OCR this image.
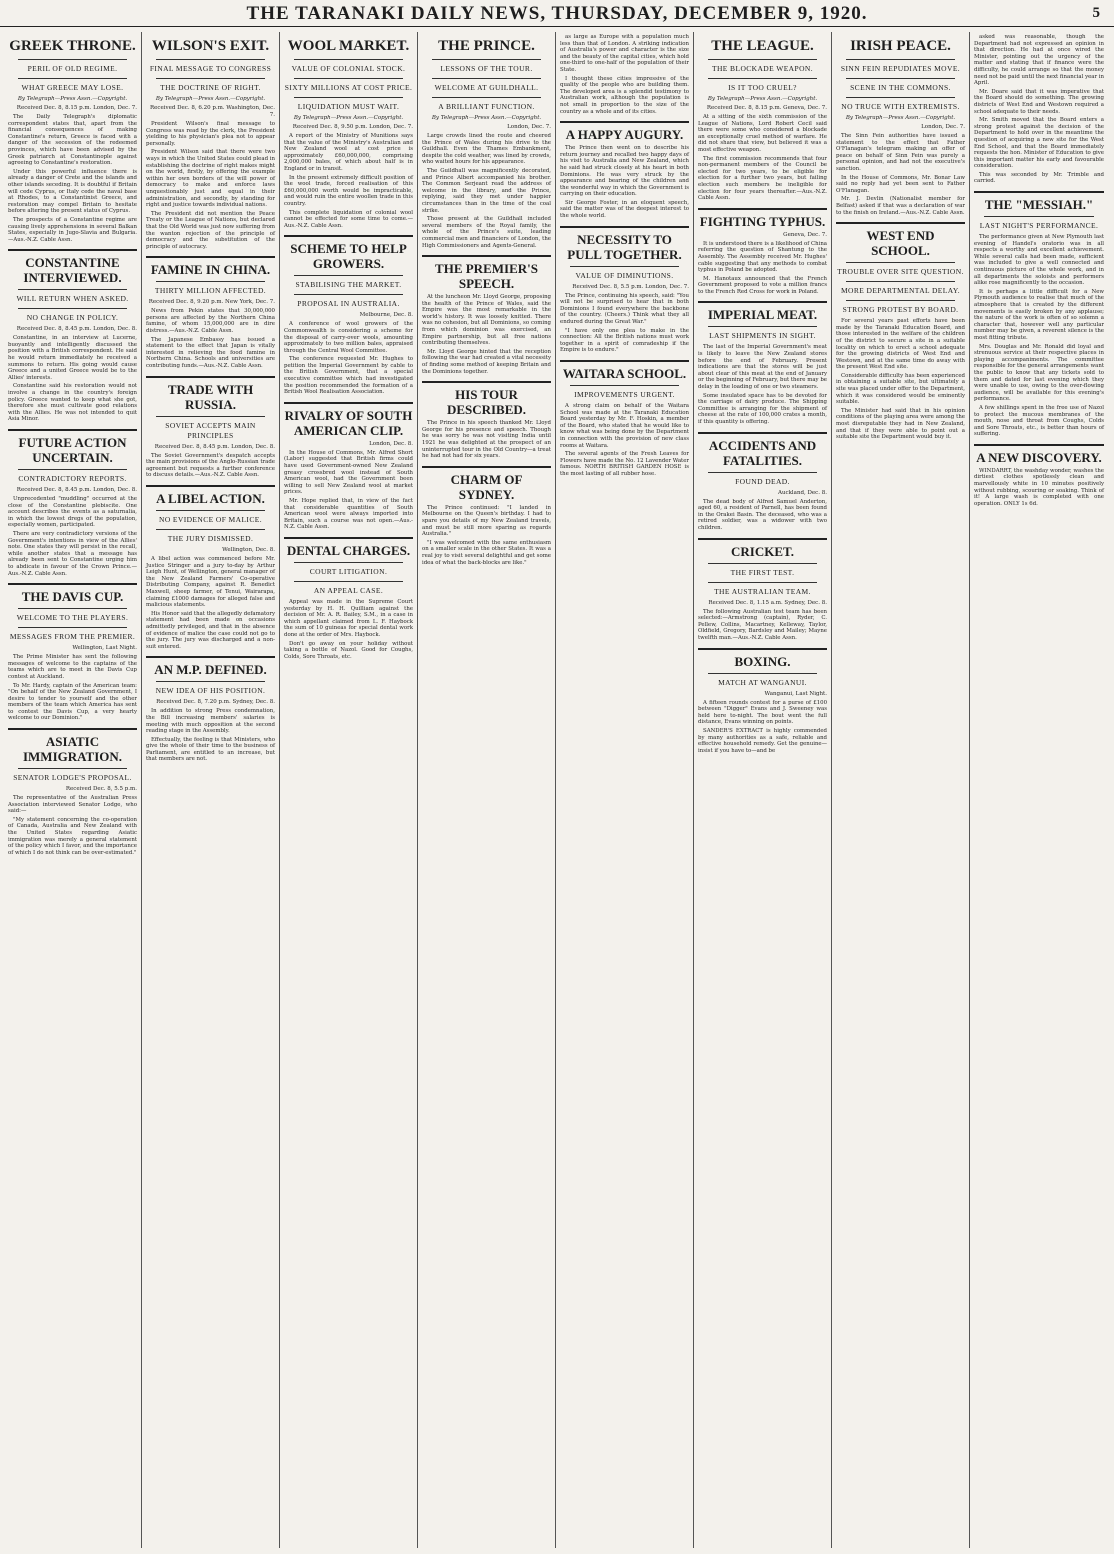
THE TARANAKI DAILY NEWS, THURSDAY, DECEMBER 9, 1920.	5
GREEK THRONE.
PERIL OF OLD REGIME.
WHAT GREECE MAY LOSE.
By Telegraph—Press Assn.—Copyright.
Received Dec. 8, 8.15 p.m. London, Dec. 7.

The Daily Telegraph's diplomatic correspondent states that, apart from the financial consequences of making Constantine's return, Greece is faced with a danger of the secession of the redeemed provinces, which have been advised by the Greek patriarch at Constantinople against agreeing to Constantine's restoration.

Under this powerful influence there is already a danger of Crete and the islands and other islands seceding. It is doubtful if Britain will cede Cyprus, or Italy cede the naval base at Rhodes, to a Constantinist Greece, and restoration may compel Britain to hesitate before altering the present status of Cyprus.

The prospects of a Constantine regime are causing lively apprehensions in several Balkan States, especially in Jugo-Slavia and Bulgaria.—Aus.-N.Z. Cable Assn.

CONSTANTINE INTERVIEWED.
WILL RETURN WHEN ASKED.
NO CHANGE IN POLICY.
Received Dec. 8, 8.45 p.m. London, Dec. 8.

Constantine, in an interview at Lucerne, buoyantly and intelligently discussed the position with a British correspondent. He said he would return immediately he received a summons to return. His going would cause Greece and a united Greece would be to the Allies' interests.

Constantine said his restoration would not involve a change in the country's foreign policy. Greece wanted to keep what she got, therefore she must cultivate good relations with the Allies. He was not intended to quit Asia Minor.

FUTURE ACTION UNCERTAIN.
CONTRADICTORY REPORTS.
Received Dec. 8, 8.45 p.m. London, Dec. 8.

Unprecedented "muddling" occurred at the close of the Constantine plebiscite. One account describes the events as a saturnalia, in which the lowest dregs of the population, especially women, participated.

There are very contradictory versions of the Government's intentions in view of the Allies' note. One states they will persist in the recall, while another states that a message has already been sent to Constantine urging him to abdicate in favour of the Crown Prince.—Aus.-N.Z. Cable Assn.

THE DAVIS CUP.
WELCOME TO THE PLAYERS.
MESSAGES FROM THE PREMIER.
Wellington, Last Night.

The Prime Minister has sent the following messages of welcome to the captains of the teams which are to meet in the Davis Cup contest at Auckland.

To Mr. Hardy, captain of the American team: "On behalf of the New Zealand Government, I desire to tender to yourself and the other members of the team which America has sent to contest the Davis Cup, a very hearty welcome to our Dominion."

ASIATIC IMMIGRATION.
SENATOR LODGE'S PROPOSAL.
Received Dec. 8, 5.5 p.m.

The representative of the Australian Press Association interviewed Senator Lodge, who said:—

"My statement concerning the co-operation of Canada, Australia and New Zealand with the United States regarding Asiatic immigration was merely a general statement of the policy which I favor, and the importance of which I do not think can be over-estimated."

WILSON'S EXIT.
FINAL MESSAGE TO CONGRESS
THE DOCTRINE OF RIGHT.
By Telegraph—Press Assn.—Copyright.
Received Dec. 8, 6.20 p.m. Washington, Dec. 7.

President Wilson's final message to Congress was read by the clerk, the President yielding to his physician's plea not to appear personally.

President Wilson said that there were two ways in which the United States could plead in establishing the doctrine of right makes might on the world, firstly, by offering the example within her own borders of the will power of democracy to make and enforce laws unquestionably just and equal in their administration, and secondly, by standing for right and justice towards individual nations.

The President did not mention the Peace Treaty or the League of Nations, but declared that the Old World was just now suffering from the wanton rejection of the principle of democracy and the substitution of the principle of autocracy.

FAMINE IN CHINA.
THIRTY MILLION AFFECTED.
Received Dec. 8, 9.20 p.m. New York, Dec. 7.

News from Pekin states that 30,000,000 persons are affected by the Northern China famine, of whom 15,000,000 are in dire distress.—Aus.-N.Z. Cable Assn.

The Japanese Embassy has issued a statement to the effect that Japan is vitally interested in relieving the food famine in Northern China. Schools and universities are contributing funds.—Aus.-N.Z. Cable Assn.

TRADE WITH RUSSIA.
SOVIET ACCEPTS MAIN PRINCIPLES
Received Dec. 8, 8.45 p.m. London, Dec. 8.

The Soviet Government's despatch accepts the main provisions of the Anglo-Russian trade agreement but requests a further conference to discuss details.—Aus.-N.Z. Cable Assn.

A LIBEL ACTION.
NO EVIDENCE OF MALICE.
THE JURY DISMISSED.
Wellington, Dec. 8.

A libel action was commenced before Mr. Justice Stringer and a jury to-day by Arthur Leigh Hunt, of Wellington, general manager of the New Zealand Farmers' Co-operative Distributing Company, against R. Benedict Maxwell, sheep farmer, of Tenui, Wairarapa, claiming £1000 damages for alleged false and malicious statements.

His Honor said that the allegedly defamatory statement had been made on occasions admittedly privileged, and that in the absence of evidence of malice the case could not go to the jury. The jury was discharged and a non-suit entered.

AN M.P. DEFINED.
NEW IDEA OF HIS POSITION.
Received Dec. 8, 7.20 p.m. Sydney, Dec. 8.

In addition to strong Press condemnation, the Bill increasing members' salaries is meeting with much opposition at the second reading stage in the Assembly.

Effectually, the feeling is that Ministers, who give the whole of their time to the business of Parliament, are entitled to an increase, but that members are not.

WOOL MARKET.
VALUE OF COLONIAL STOCK.
SIXTY MILLIONS AT COST PRICE.
LIQUIDATION MUST WAIT.
By Telegraph—Press Assn.—Copyright.
Received Dec. 8, 9.50 p.m. London, Dec. 7.

A report of the Ministry of Munitions says that the value of the Ministry's Australian and New Zealand wool at cost price is approximately £60,000,000, comprising 2,000,000 bales, of which about half is in England or in transit.

In the present extremely difficult position of the wool trade, forced realisation of this £60,000,000 worth would be impracticable, and would ruin the entire woollen trade in this country.

This complete liquidation of colonial wool cannot be effected for some time to come.—Aus.-N.Z. Cable Assn.

SCHEME TO HELP GROWERS.
STABILISING THE MARKET.
PROPOSAL IN AUSTRALIA.
Melbourne, Dec. 8.

A conference of wool growers of the Commonwealth is considering a scheme for the disposal of carry-over wools, amounting approximately to two million bales, appraised through the Central Wool Committee.

The conference requested Mr. Hughes to petition the Imperial Government by cable to the British Government, that a special executive committee which had investigated the position recommended the formation of a British Wool Realisation Association.

RIVALRY OF SOUTH AMERICAN CLIP.
London, Dec. 8.

In the House of Commons, Mr. Alfred Short (Labor) suggested that British firms could have used Government-owned New Zealand greasy crossbred wool instead of South American wool, had the Government been willing to sell New Zealand wool at market prices.

Mr. Hope replied that, in view of the fact that considerable quantities of South American wool were always imported into Britain, such a course was not open.—Aus.-N.Z. Cable Assn.

DENTAL CHARGES.
COURT LITIGATION.
AN APPEAL CASE.

Appeal was made in the Supreme Court yesterday by H. H. Quilliam against the decision of Mr. A. R. Bailey, S.M., in a case in which appellant claimed from L. F. Haybock the sum of 10 guineas for special dental work done at the order of Mrs. Haybock.

Don't go away on your holiday without taking a bottle of Nazol. Good for Coughs, Colds, Sore Throats, etc.

THE PRINCE.
LESSONS OF THE TOUR.
WELCOME AT GUILDHALL.
A BRILLIANT FUNCTION.
By Telegraph—Press Assn.—Copyright.
London, Dec. 7.

Large crowds lined the route and cheered the Prince of Wales during his drive to the Guildhall. Even the Thames Embankment, despite the cold weather, was lined by crowds, who waited hours for his appearance.

The Guildhall was magnificently decorated, and Prince Albert accompanied his brother. The Common Serjeant read the address of welcome in the library, and the Prince, replying, said they met under happier circumstances than in the time of the coal strike.

Those present at the Guildhall included several members of the Royal family, the whole of the Prince's suite, leading commercial men and financiers of London, the High Commissioners and Agents-General.

THE PREMIER'S SPEECH.

At the luncheon Mr. Lloyd George, proposing the health of the Prince of Wales, said the Empire was the most remarkable in the world's history. It was loosely knitted. There was no cohesion, but all Dominions, so coming from which dominion was exercised, an Empire partnership, but all free nations contributing themselves.

Mr. Lloyd George hinted that the reception following the war had created a vital necessity of finding some method of keeping Britain and the Dominions together.

HIS TOUR DESCRIBED.

The Prince in his speech thanked Mr. Lloyd George for his presence and speech. Though he was sorry he was not visiting India until 1921 he was delighted at the prospect of an uninterrupted tour in the Old Country—a treat he had not had for six years.

CHARM OF SYDNEY.

The Prince continued: "I landed in Melbourne on the Queen's birthday. I had to spare you details of my New Zealand travels, and must be still more sparing as regards Australia."

"I was welcomed with the same enthusiasm on a smaller scale in the other States. It was a real joy to visit several delightful and get some idea of what the back-blocks are like."

as large as Europe with a population much less than that of London. A striking indication of Australia's power and character is the size and the beauty of the capital cities, which hold one-third to one-half of the population of their State.

I thought these cities impressive of the quality of the people who are building them. The developed area is a splendid testimony to Australian work, although the population is not small in proportion to the size of the country as a whole and of its cities.

A HAPPY AUGURY.

The Prince then went on to describe his return journey and recalled two happy days of his visit to Australia and New Zealand, which he said had struck closely at his heart in both Dominions. He was very struck by the appearance and bearing of the children and the wonderful way in which the Government is carrying on their education.

Sir George Foster, in an eloquent speech, said the matter was of the deepest interest to the whole world.

NECESSITY TO PULL TOGETHER.
VALUE OF DIMINUTIONS.
Received Dec. 8, 5.5 p.m. London, Dec. 7.

The Prince, continuing his speech, said: "You will not be surprised to hear that in both Dominions I found everywhere the backbone of the country. (Cheers.) Think what they all endured during the Great War."

"I have only one plea to make in the connection: All the British nations must work together in a spirit of comradeship if the Empire is to endure."

WAITARA SCHOOL.
IMPROVEMENTS URGENT.

A strong claim on behalf of the Waitara School was made at the Taranaki Education Board yesterday by Mr. F. Hoskin, a member of the Board, who stated that he would like to know what was being done by the Department in connection with the provision of new class rooms at Waitara.

The several agents of the Fresh Leaves for Flowers have made the No. 12 Lavender Water famous. NORTH BRITISH GARDEN HOSE is the most lasting of all rubber hose.

THE LEAGUE.
THE BLOCKADE WEAPON.
IS IT TOO CRUEL?
By Telegraph—Press Assn.—Copyright.
Received Dec. 8, 8.15 p.m. Geneva, Dec. 7.

At a sitting of the sixth commission of the League of Nations, Lord Robert Cecil said there were some who considered a blockade an exceptionally cruel method of warfare. He did not share that view, but believed it was a most effective weapon.

The first commission recommends that four non-permanent members of the Council be elected for two years, to be eligible for election for a further two years, but failing election such members be ineligible for election for four years thereafter.—Aus.-N.Z. Cable Assn.

FIGHTING TYPHUS.
Geneva, Dec. 7.

It is understood there is a likelihood of China referring the question of Shantung to the Assembly. The Assembly received Mr. Hughes' cable suggesting that any methods to combat typhus in Poland be adopted.

M. Hanotaux announced that the French Government proposed to vote a million francs to the French Red Cross for work in Poland.

IMPERIAL MEAT.
LAST SHIPMENTS IN SIGHT.

The last of the Imperial Government's meat is likely to leave the New Zealand stores before the end of February. Present indications are that the stores will be just about clear of this meat at the end of January or the beginning of February, but there may be delay in the loading of one or two steamers.

Some insulated space has to be devoted for the carriage of dairy produce. The Shipping Committee is arranging for the shipment of cheese at the rate of 100,000 crates a month, if this quantity is offering.

ACCIDENTS AND FATALITIES.
FOUND DEAD.
Auckland, Dec. 8.

The dead body of Alfred Samuel Anderton, aged 60, a resident of Parnell, has been found in the Orakei Basin. The deceased, who was a retired soldier, was a widower with two children.

CRICKET.
THE FIRST TEST.
THE AUSTRALIAN TEAM.
Received Dec. 8, 1.15 a.m. Sydney, Dec. 8.

The following Australian test team has been selected:—Armstrong (captain), Ryder, C. Pellew, Collins, Macartney, Kelleway, Taylor, Oldfield, Gregory, Bardsley and Mailey; Mayne twelfth man.—Aus.-N.Z. Cable Assn.

BOXING.
MATCH AT WANGANUI.
Wanganui, Last Night.

A fifteen rounds contest for a purse of £100 between "Digger" Evans and J. Sweeney was held here to-night. The bout went the full distance, Evans winning on points.

SANDER'S EXTRACT is highly commended by many authorities as a safe, reliable and effective household remedy. Get the genuine—insist if you have to—and be

IRISH PEACE.
SINN FEIN REPUDIATES MOVE.
SCENE IN THE COMMONS.
NO TRUCE WITH EXTREMISTS.
By Telegraph—Press Assn.—Copyright.
London, Dec. 7.

The Sinn Fein authorities have issued a statement to the effect that Father O'Flanagan's telegram making an offer of peace on behalf of Sinn Fein was purely a personal opinion, and had not the executive's sanction.

In the House of Commons, Mr. Bonar Law said no reply had yet been sent to Father O'Flanagan.

Mr. J. Devlin (Nationalist member for Belfast) asked if that was a declaration of war to the finish on Ireland.—Aus.-N.Z. Cable Assn.

WEST END SCHOOL.
TROUBLE OVER SITE QUESTION.
MORE DEPARTMENTAL DELAY.
STRONG PROTEST BY BOARD.

For several years past efforts have been made by the Taranaki Education Board, and those interested in the welfare of the children of the district to secure a site in a suitable locality on which to erect a school adequate for the growing districts of West End and Westown, and at the same time do away with the present West End site.

Considerable difficulty has been experienced in obtaining a suitable site, but ultimately a site was placed under offer to the Department, which it was considered would be eminently suitable.

The Minister had said that in his opinion conditions of the playing area were among the most disreputable they had in New Zealand, and that if they were able to point out a suitable site the Department would buy it.

asked was reasonable, though the Department had not expressed an opinion in that direction. He had at once wired the Minister, pointing out the urgency of the matter and stating that if finance were the difficulty, he could arrange so that the money need not be paid until the next financial year in April.

Mr. Doare said that it was imperative that the Board should do something. The growing districts of West End and Westown required a school adequate to their needs.

Mr. Smith moved that the Board enters a strong protest against the decision of the Department to hold over in the meantime the question of acquiring a new site for the West End School, and that the Board immediately requests the hon. Minister of Education to give this important matter his early and favourable consideration.

This was seconded by Mr. Trimble and carried.

THE "MESSIAH."
LAST NIGHT'S PERFORMANCE.

The performance given at New Plymouth last evening of Handel's oratorio was in all respects a worthy and excellent achievement. While several calls had been made, sufficient was included to give a well connected and continuous picture of the whole work, and in all departments the soloists and performers alike rose magnificently to the occasion.

It is perhaps a little difficult for a New Plymouth audience to realise that much of the atmosphere that is created by the different movements is easily broken by any applause; the nature of the work is often of so solemn a character that, however well any particular number may be given, a reverent silence is the most fitting tribute.

Mrs. Douglas and Mr. Ronald did loyal and strenuous service at their respective places in playing accompaniments. The committee responsible for the general arrangements want the public to know that any tickets sold to them and dated for last evening which they were unable to use, owing to the over-flowing audience, will be available for this evening's performance.

A few shillings spent in the free use of Nazol to protect the mucous membranes of the mouth, nose and throat from Coughs, Colds and Sore Throats, etc., is better than hours of suffering.

A NEW DISCOVERY.

WINDARRT, the washday wonder, washes the dirtiest clothes spotlessly clean and marvellously white in 10 minutes positively without rubbing, scouring or soaking. Think of it! A large wash is completed with one operation. ONLY 1s 6d.
